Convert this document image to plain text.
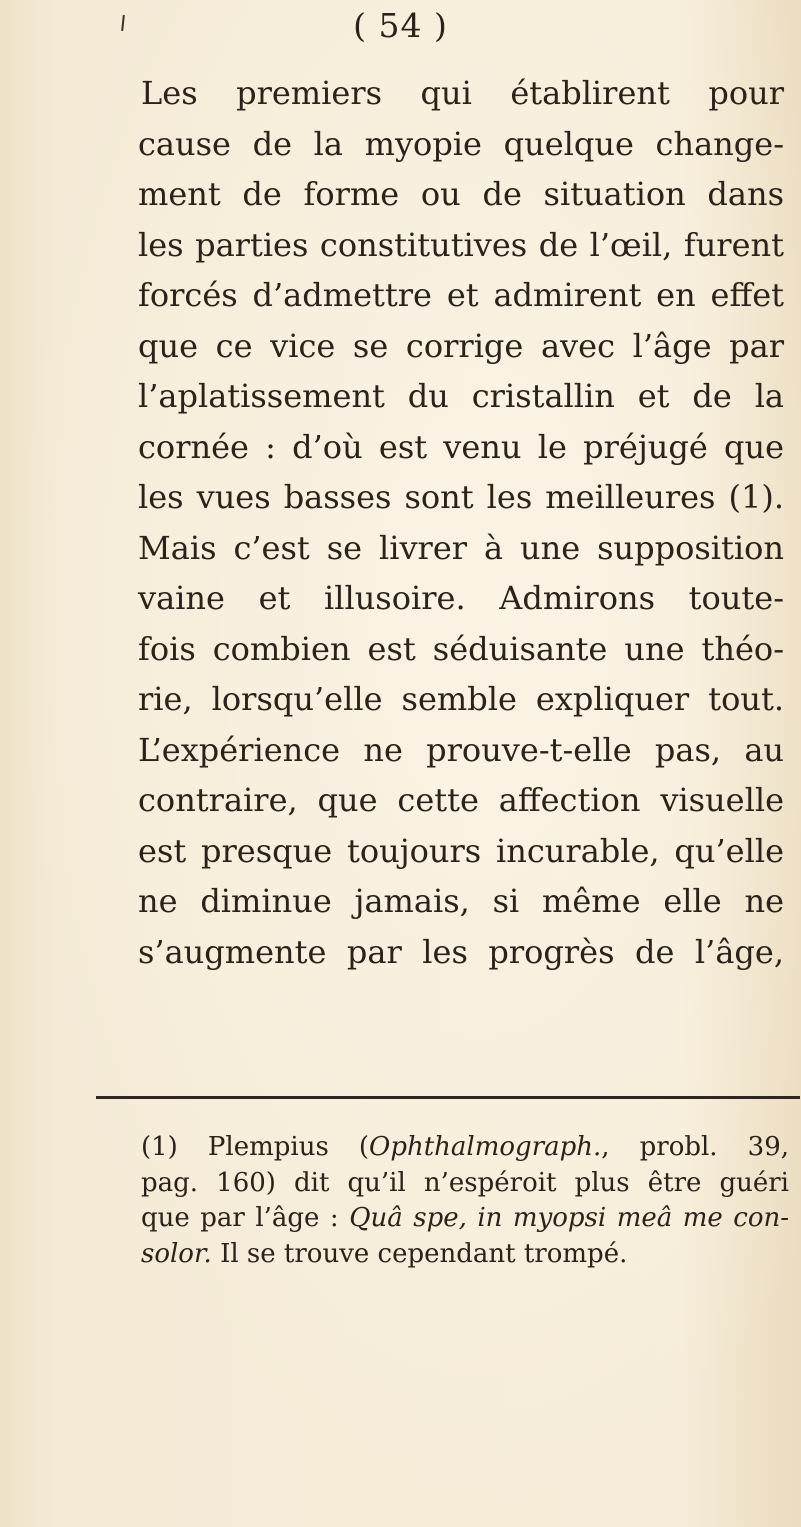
( 54 )
Les premiers qui établirent pour
cause de la myopie quelque change-
ment de forme ou de situation dans
les parties constitutives de l’œil, furent
forcés d’admettre et admirent en effet
que ce vice se corrige avec l’âge par
l’aplatissement du cristallin et de la
cornée : d’où est venu le préjugé que
les vues basses sont les meilleures (1).
Mais c’est se livrer à une supposition
vaine et illusoire. Admirons toute-
fois combien est séduisante une théo-
rie, lorsqu’elle semble expliquer tout.
L’expérience ne prouve-t-elle pas, au
contraire, que cette affection visuelle
est presque toujours incurable, qu’elle
ne diminue jamais, si même elle ne
s’augmente par les progrès de l’âge,
(1) Plempius (Ophthalmograph., probl. 39,
pag. 160) dit qu’il n’espéroit plus être guéri
que par l’âge : Quâ spe, in myopsi meâ me con-
solor. Il se trouve cependant trompé.
